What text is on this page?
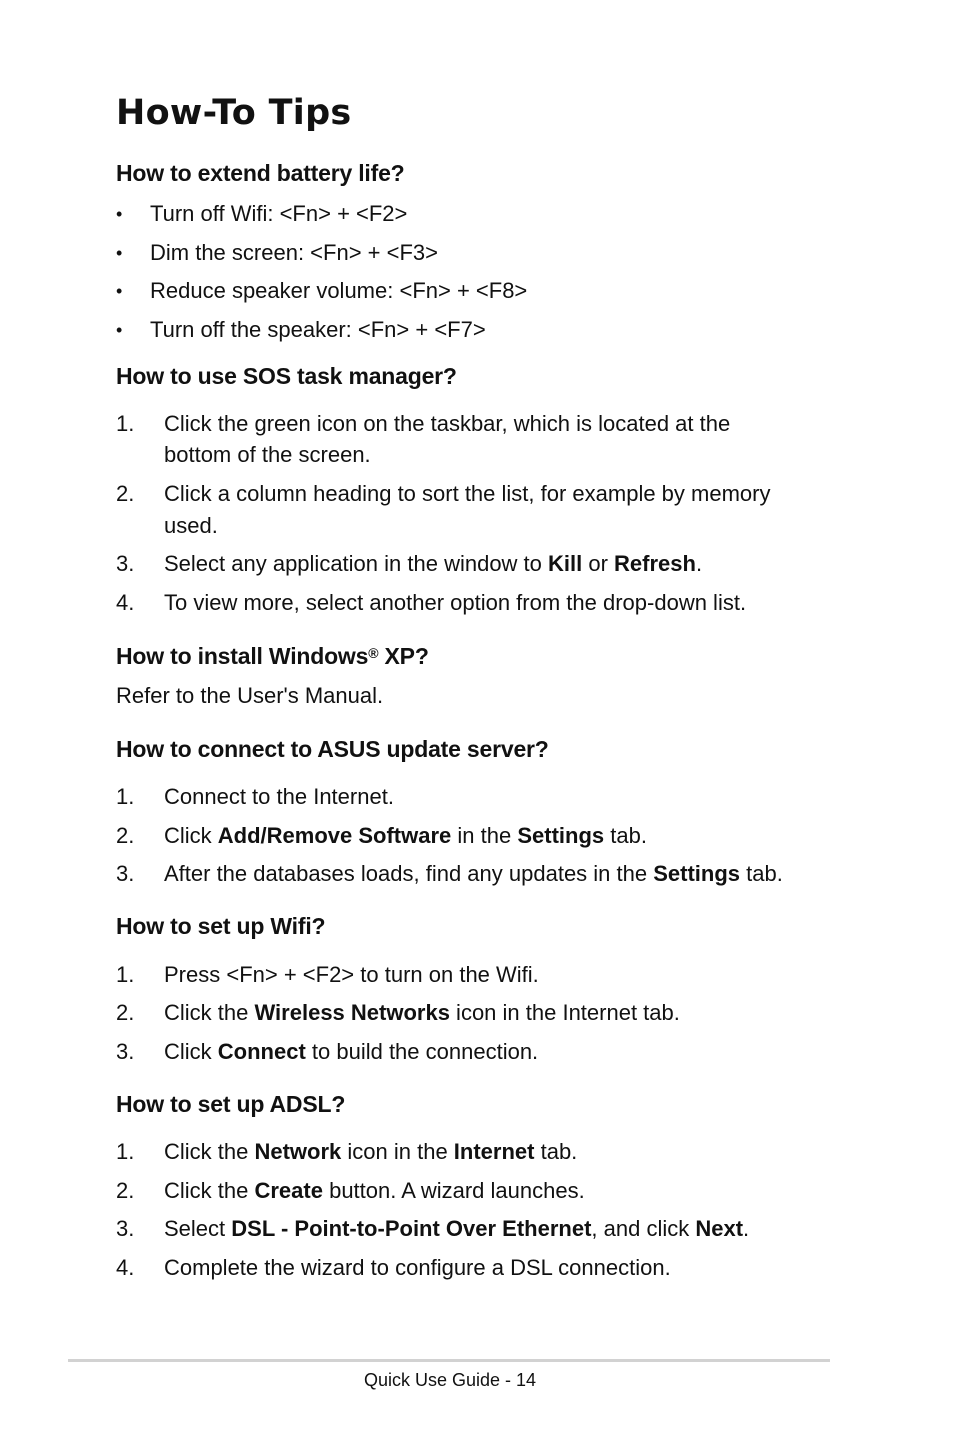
How-To Tips
How to extend battery life?
• Turn off Wifi: <Fn> + <F2>
• Dim the screen: <Fn> + <F3>
• Reduce speaker volume: <Fn> + <F8>
• Turn off the speaker: <Fn> + <F7>
How to use SOS task manager?
1. Click the green icon on the taskbar, which is located at the
bottom of the screen.
2. Click a column heading to sort the list, for example by memory
used.
3. Select any application in the window to Kill or Refresh.
4. To view more, select another option from the drop-down list.
How to install Windows® XP?
Refer to the User's Manual.
How to connect to ASUS update server?
1. Connect to the Internet.
2. Click Add/Remove Software in the Settings tab.
3. After the databases loads, find any updates in the Settings tab.
How to set up Wifi?
1. Press <Fn> + <F2> to turn on the Wifi.
2. Click the Wireless Networks icon in the Internet tab.
3. Click Connect to build the connection.
How to set up ADSL?
1. Click the Network icon in the Internet tab.
2. Click the Create button. A wizard launches.
3. Select DSL - Point-to-Point Over Ethernet, and click Next.
4. Complete the wizard to configure a DSL connection.
Quick Use Guide - 14
